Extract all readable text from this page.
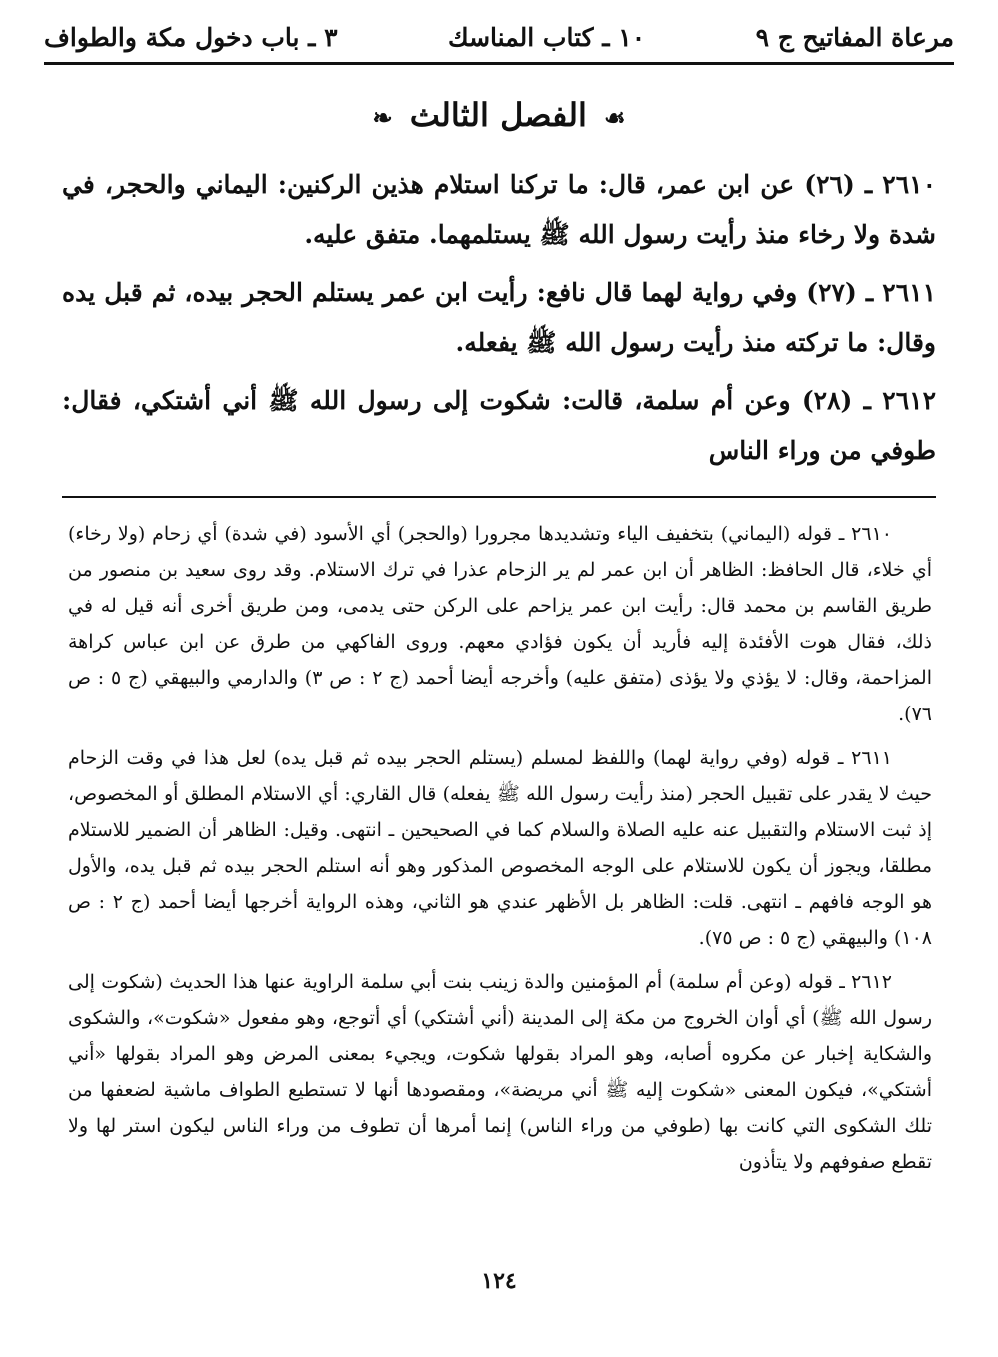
مرعاة المفاتيح ج ٩
١٠ ـ كتاب المناسك
٣ ـ باب دخول مكة والطواف
☙ الفصل الثالث ❧
٢٦١٠ ـ (٢٦) عن ابن عمر، قال: ما تركنا استلام هذين الركنين: اليماني والحجر، في شدة ولا رخاء منذ رأيت رسول الله ﷺ يستلمهما. متفق عليه.
٢٦١١ ـ (٢٧) وفي رواية لهما قال نافع: رأيت ابن عمر يستلم الحجر بيده، ثم قبل يده وقال: ما تركته منذ رأيت رسول الله ﷺ يفعله.
٢٦١٢ ـ (٢٨) وعن أم سلمة، قالت: شكوت إلى رسول الله ﷺ أني أشتكي، فقال: طوفي من وراء الناس
٢٦١٠ ـ قوله (اليماني) بتخفيف الياء وتشديدها مجرورا (والحجر) أي الأسود (في شدة) أي زحام (ولا رخاء) أي خلاء، قال الحافظ: الظاهر أن ابن عمر لم ير الزحام عذرا في ترك الاستلام. وقد روى سعيد بن منصور من طريق القاسم بن محمد قال: رأيت ابن عمر يزاحم على الركن حتى يدمى، ومن طريق أخرى أنه قيل له في ذلك، فقال هوت الأفئدة إليه فأريد أن يكون فؤادي معهم. وروى الفاكهي من طرق عن ابن عباس كراهة المزاحمة، وقال: لا يؤذي ولا يؤذى (متفق عليه) وأخرجه أيضا أحمد (ج ٢ : ص ٣) والدارمي والبيهقي (ج ٥ : ص ٧٦).
٢٦١١ ـ قوله (وفي رواية لهما) واللفظ لمسلم (يستلم الحجر بيده ثم قبل يده) لعل هذا في وقت الزحام حيث لا يقدر على تقبيل الحجر (منذ رأيت رسول الله ﷺ يفعله) قال القاري: أي الاستلام المطلق أو المخصوص، إذ ثبت الاستلام والتقبيل عنه عليه الصلاة والسلام كما في الصحيحين ـ انتهى. وقيل: الظاهر أن الضمير للاستلام مطلقا، ويجوز أن يكون للاستلام على الوجه المخصوص المذكور وهو أنه استلم الحجر بيده ثم قبل يده، والأول هو الوجه فافهم ـ انتهى. قلت: الظاهر بل الأظهر عندي هو الثاني، وهذه الرواية أخرجها أيضا أحمد (ج ٢ : ص ١٠٨) والبيهقي (ج ٥ : ص ٧٥).
٢٦١٢ ـ قوله (وعن أم سلمة) أم المؤمنين والدة زينب بنت أبي سلمة الراوية عنها هذا الحديث (شكوت إلى رسول الله ﷺ) أي أوان الخروج من مكة إلى المدينة (أني أشتكي) أي أتوجع، وهو مفعول «شكوت»، والشكوى والشكاية إخبار عن مكروه أصابه، وهو المراد بقولها شكوت، ويجيء بمعنى المرض وهو المراد بقولها «أني أشتكي»، فيكون المعنى «شكوت إليه ﷺ أني مريضة»، ومقصودها أنها لا تستطيع الطواف ماشية لضعفها من تلك الشكوى التي كانت بها (طوفي من وراء الناس) إنما أمرها أن تطوف من وراء الناس ليكون استر لها ولا تقطع صفوفهم ولا يتأذون
١٢٤
